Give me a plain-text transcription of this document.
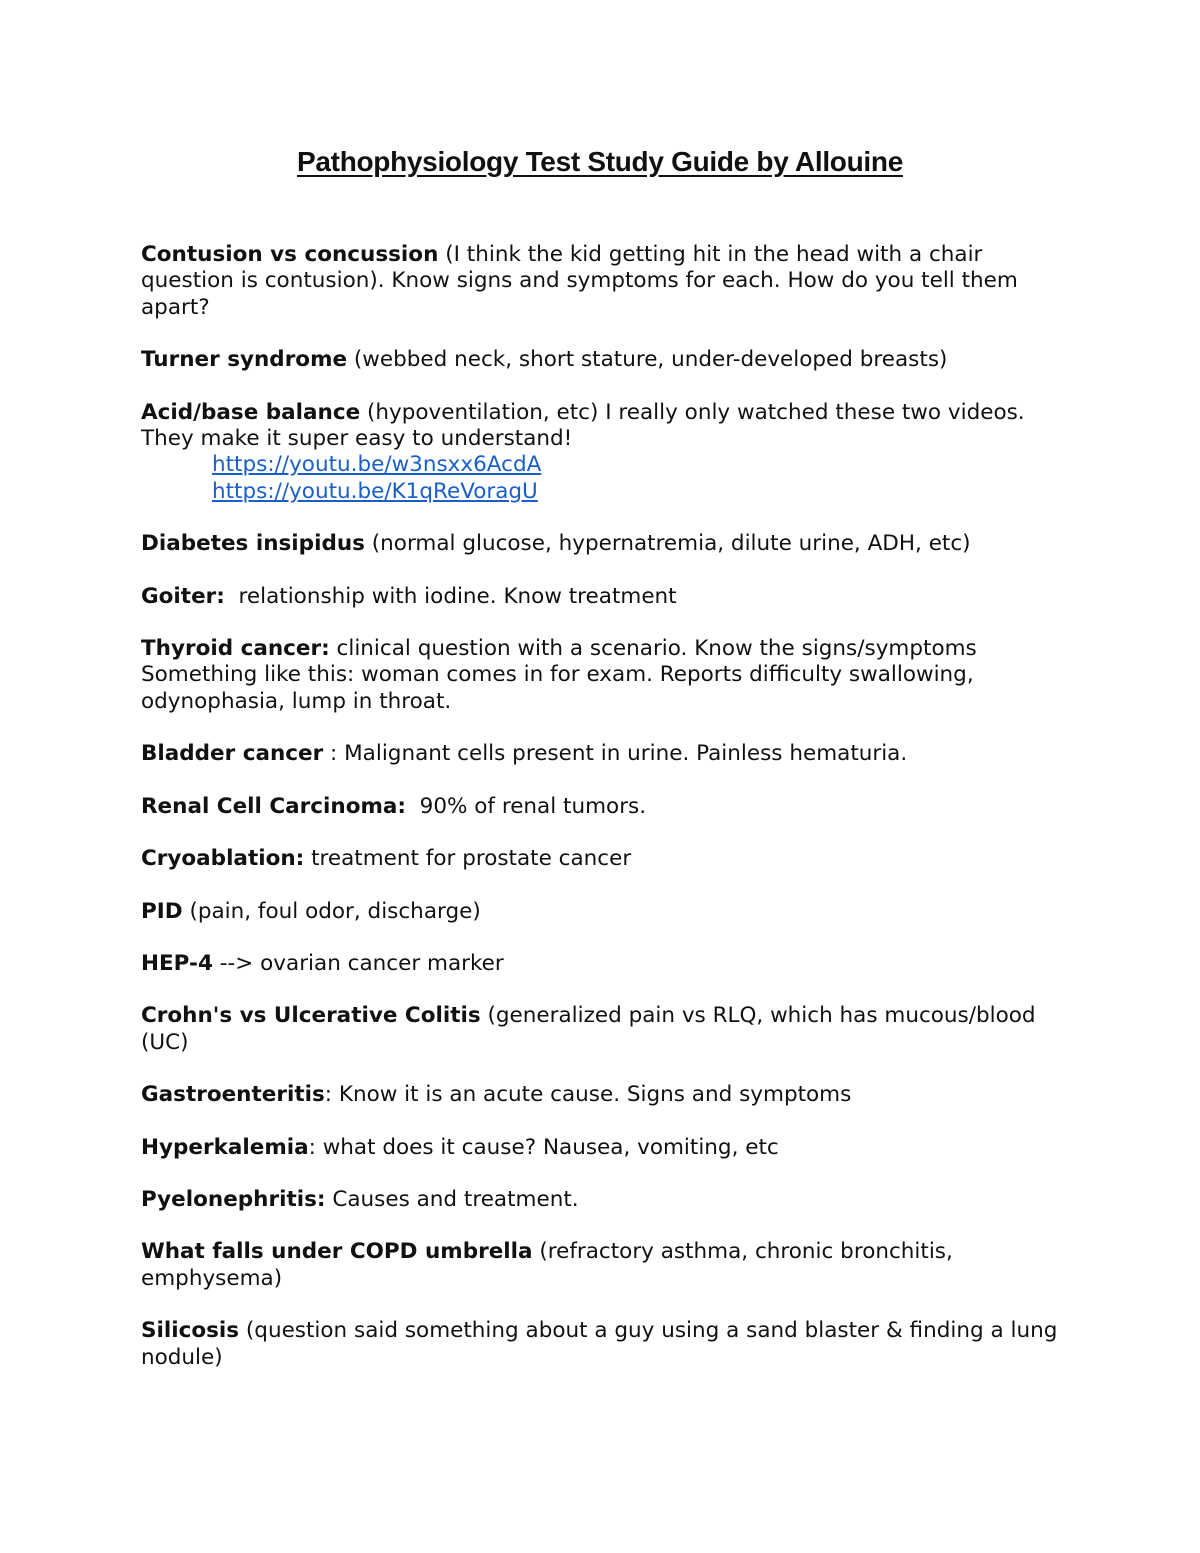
Pathophysiology Test Study Guide by Allouine

Contusion vs concussion (I think the kid getting hit in the head with a chair question is contusion). Know signs and symptoms for each. How do you tell them apart?

Turner syndrome (webbed neck, short stature, under-developed breasts)

Acid/base balance (hypoventilation, etc) I really only watched these two videos. They make it super easy to understand!
https://youtu.be/w3nsxx6AcdA
https://youtu.be/K1qReVoragU

Diabetes insipidus (normal glucose, hypernatremia, dilute urine, ADH, etc)

Goiter:  relationship with iodine. Know treatment

Thyroid cancer: clinical question with a scenario. Know the signs/symptoms Something like this: woman comes in for exam. Reports difficulty swallowing, odynophasia, lump in throat.

Bladder cancer : Malignant cells present in urine. Painless hematuria.

Renal Cell Carcinoma:  90% of renal tumors.

Cryoablation: treatment for prostate cancer

PID (pain, foul odor, discharge)

HEP-4 --> ovarian cancer marker

Crohn's vs Ulcerative Colitis (generalized pain vs RLQ, which has mucous/blood (UC)

Gastroenteritis: Know it is an acute cause. Signs and symptoms

Hyperkalemia: what does it cause? Nausea, vomiting, etc

Pyelonephritis: Causes and treatment.

What falls under COPD umbrella (refractory asthma, chronic bronchitis, emphysema)

Silicosis (question said something about a guy using a sand blaster & finding a lung nodule)
